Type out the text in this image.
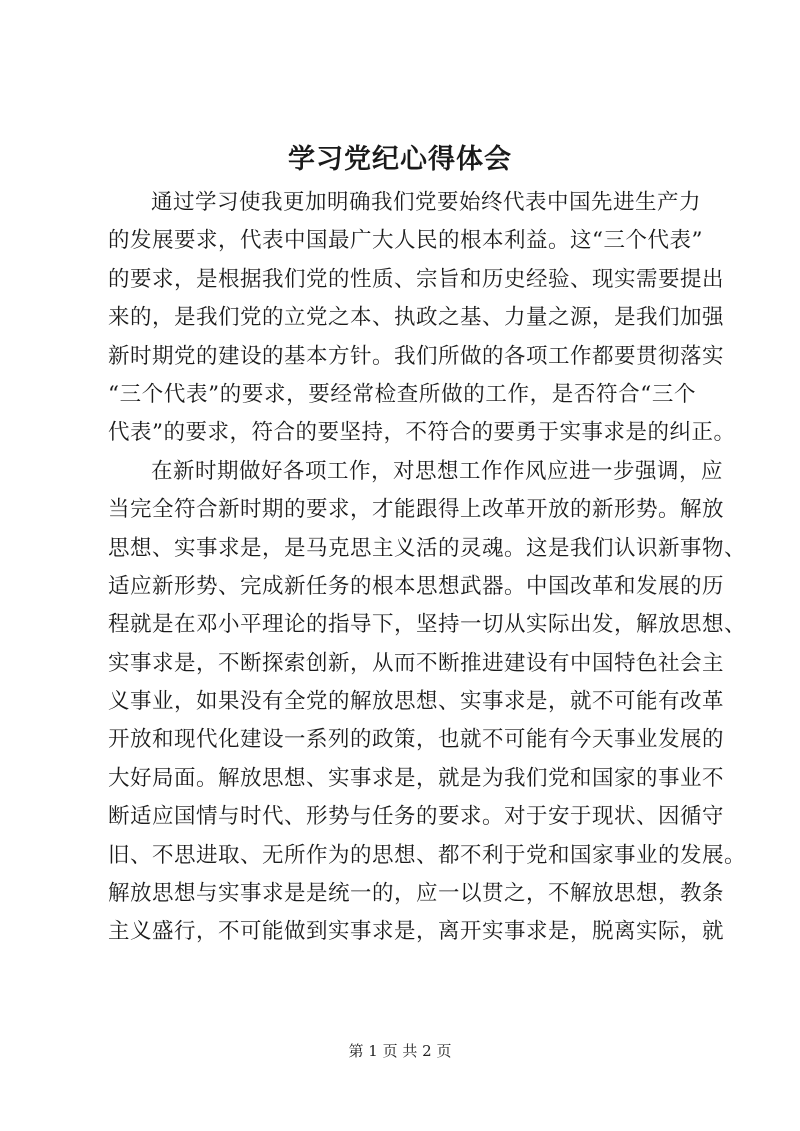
学习党纪心得体会
通过学习使我更加明确我们党要始终代表中国先进生产力
的发展要求，代表中国最广大人民的根本利益。这“三个代表”
的要求，是根据我们党的性质、宗旨和历史经验、现实需要提出
来的，是我们党的立党之本、执政之基、力量之源，是我们加强
新时期党的建设的基本方针。我们所做的各项工作都要贯彻落实
“三个代表”的要求，要经常检查所做的工作，是否符合“三个
代表”的要求，符合的要坚持，不符合的要勇于实事求是的纠正。
在新时期做好各项工作，对思想工作作风应进一步强调，应
当完全符合新时期的要求，才能跟得上改革开放的新形势。解放
思想、实事求是，是马克思主义活的灵魂。这是我们认识新事物、
适应新形势、完成新任务的根本思想武器。中国改革和发展的历
程就是在邓小平理论的指导下，坚持一切从实际出发，解放思想、
实事求是，不断探索创新，从而不断推进建设有中国特色社会主
义事业，如果没有全党的解放思想、实事求是，就不可能有改革
开放和现代化建设一系列的政策，也就不可能有今天事业发展的
大好局面。解放思想、实事求是，就是为我们党和国家的事业不
断适应国情与时代、形势与任务的要求。对于安于现状、因循守
旧、不思进取、无所作为的思想、都不利于党和国家事业的发展。
解放思想与实事求是是统一的，应一以贯之，不解放思想，教条
主义盛行，不可能做到实事求是，离开实事求是，脱离实际，就
第 1 页 共 2 页
